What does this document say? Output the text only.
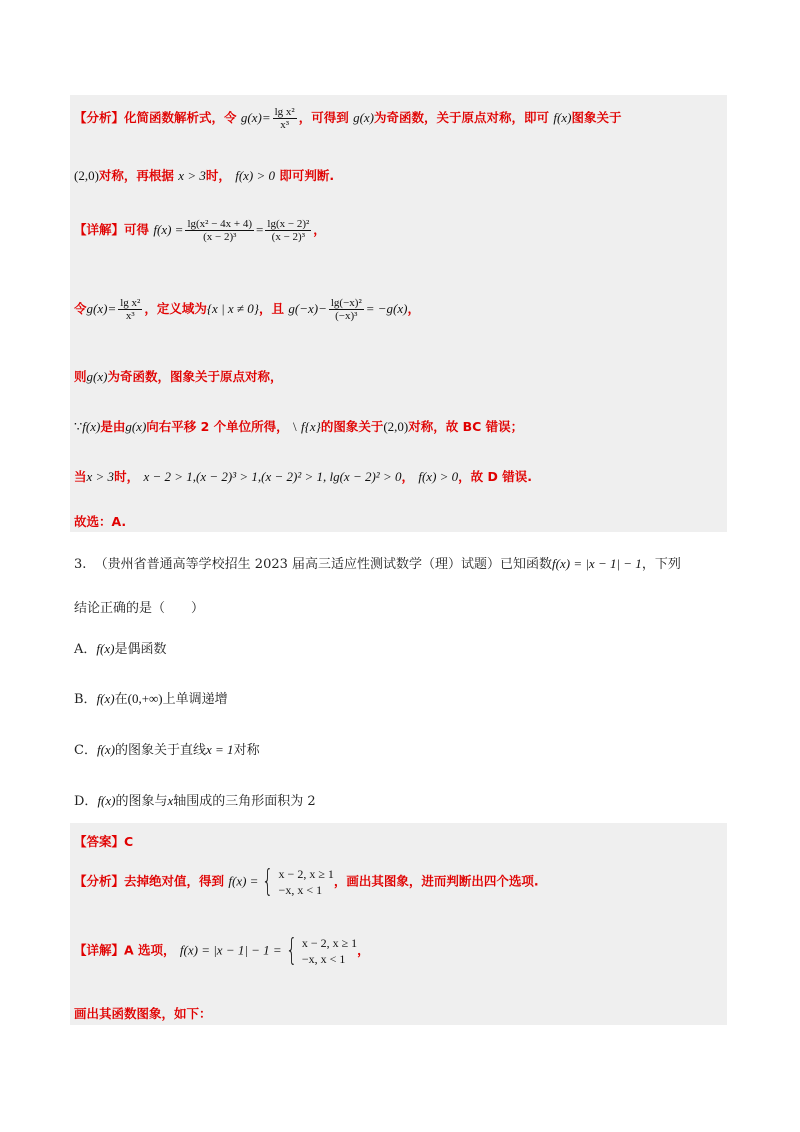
【分析】化简函数解析式，令 $g(x)= \frac{\text{lg x²}}{\text{x³}}$ ，可得到 g(x)为奇函数，关于原点对称，即可 f(x)图象关于
(2,0)对称，再根据 x > 3时， f(x) > 0 即可判断.
【详解】可得 $f(x) = \frac{\text{lg(x² − 4x + 4)}}{\text{(x − 2)³}} = \frac{\text{lg(x − 2)²}}{\text{(x − 2)³}}$ ，
令$g(x)= \frac{\text{lg x²}}{\text{x³}}$ ，定义域为{x | x ≠ 0}，且 $g(-x)- \frac{\text{lg(−x)²}}{\text{(−x)³}} = -g(x)$，
则g(x)为奇函数，图象关于原点对称，
∵f(x)是由g(x)向右平移 2 个单位所得， \ f{x}的图象关于(2,0)对称，故 BC 错误；
当x > 3时， x − 2 > 1,(x − 2)³ > 1,(x − 2)² > 1, lg(x − 2)² > 0， f(x) > 0，故 D 错误.
故选：A.
3. （贵州省普通高等学校招生 2023 届高三适应性测试数学（理）试题）已知函数f(x) = |x − 1| − 1，下列
结论正确的是（　　）
A．f(x)是偶函数
B．f(x)在(0,+∞)上单调递增
C．f(x)的图象关于直线x = 1对称
D．f(x)的图象与x轴围成的三角形面积为 2
【答案】C
【分析】去掉绝对值，得到 f(x) = { x − 2, x ≥ 1
−x, x < 1，画出其图象，进而判断出四个选项.
【详解】A 选项， f(x) = |x − 1| − 1 = { x − 2, x ≥ 1
−x, x < 1，
画出其函数图象，如下：
